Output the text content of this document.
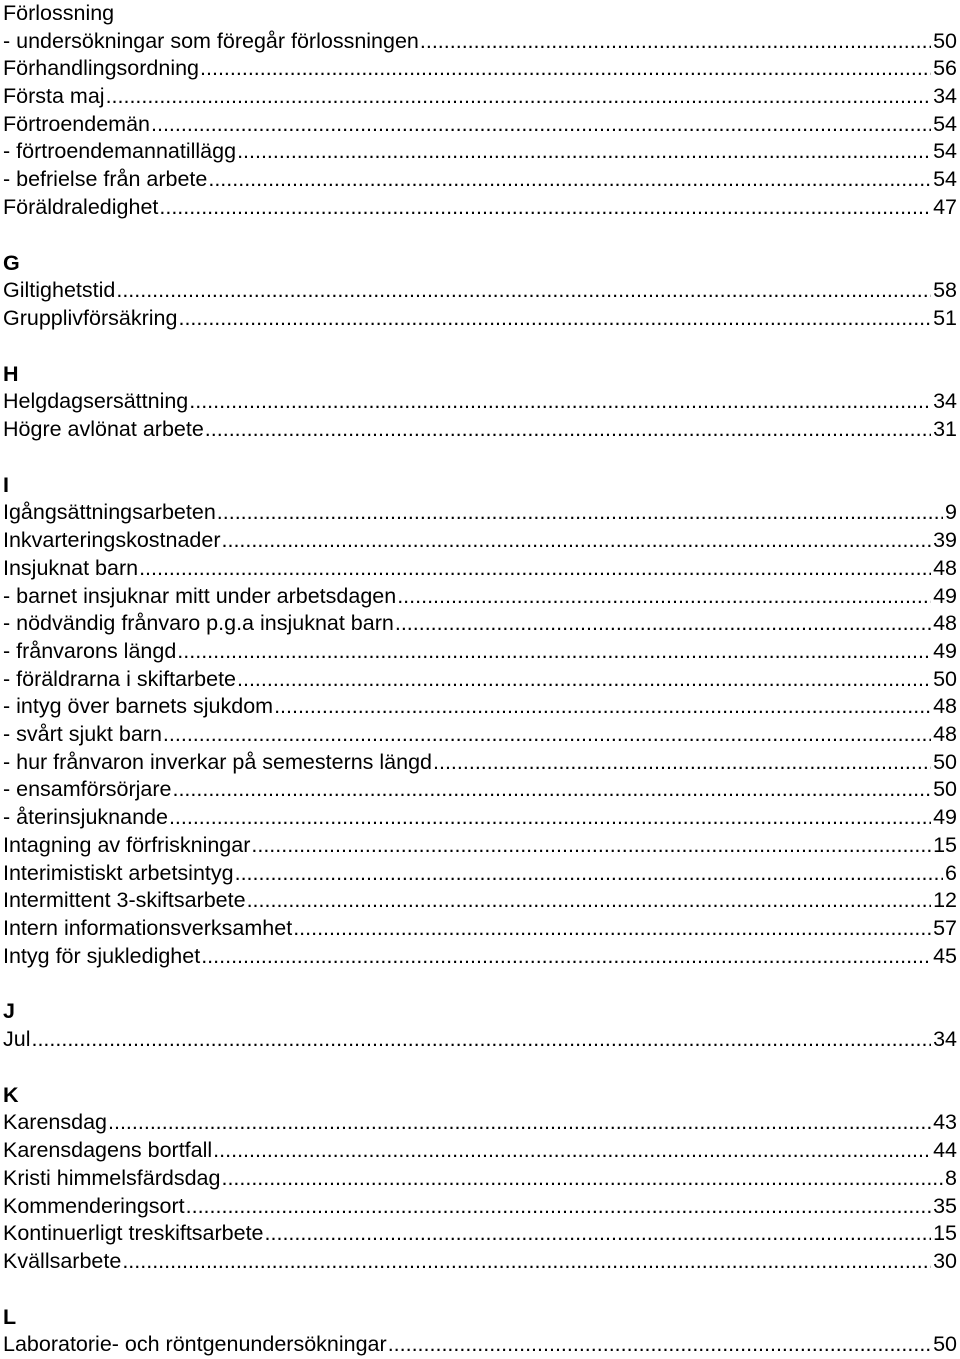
Förlossning
- undersökningar som föregår förlossningen .....	50
Förhandlingsordning .....	56
Första maj .....	34
Förtroendemän .....	54
- förtroendemannatillägg .....	54
- befrielse från arbete .....	54
Föräldraledighet .....	47
G
Giltighetstid .....	58
Grupplivförsäkring .....	51
H
Helgdagsersättning .....	34
Högre avlönat arbete .....	31
I
Igångsättningsarbeten .....	9
Inkvarteringskostnader .....	39
Insjuknat barn .....	48
- barnet insjuknar mitt under arbetsdagen .....	49
- nödvändig frånvaro p.g.a insjuknat barn .....	48
- frånvarons längd .....	49
- föräldrarna i skiftarbete .....	50
- intyg över barnets sjukdom .....	48
- svårt sjukt barn .....	48
- hur frånvaron inverkar på semesterns längd .....	50
- ensamförsörjare .....	50
- återinsjuknande .....	49
Intagning av förfriskningar .....	15
Interimistiskt arbetsintyg .....	6
Intermittent 3-skiftsarbete .....	12
Intern informationsverksamhet .....	57
Intyg för sjukledighet .....	45
J
Jul .....	34
K
Karensdag .....	43
Karensdagens bortfall .....	44
Kristi himmelsfärdsdag .....	8
Kommenderingsort .....	35
Kontinuerligt treskiftsarbete .....	15
Kvällsarbete .....	30
L
Laboratorie- och röntgenundersökningar .....	50
